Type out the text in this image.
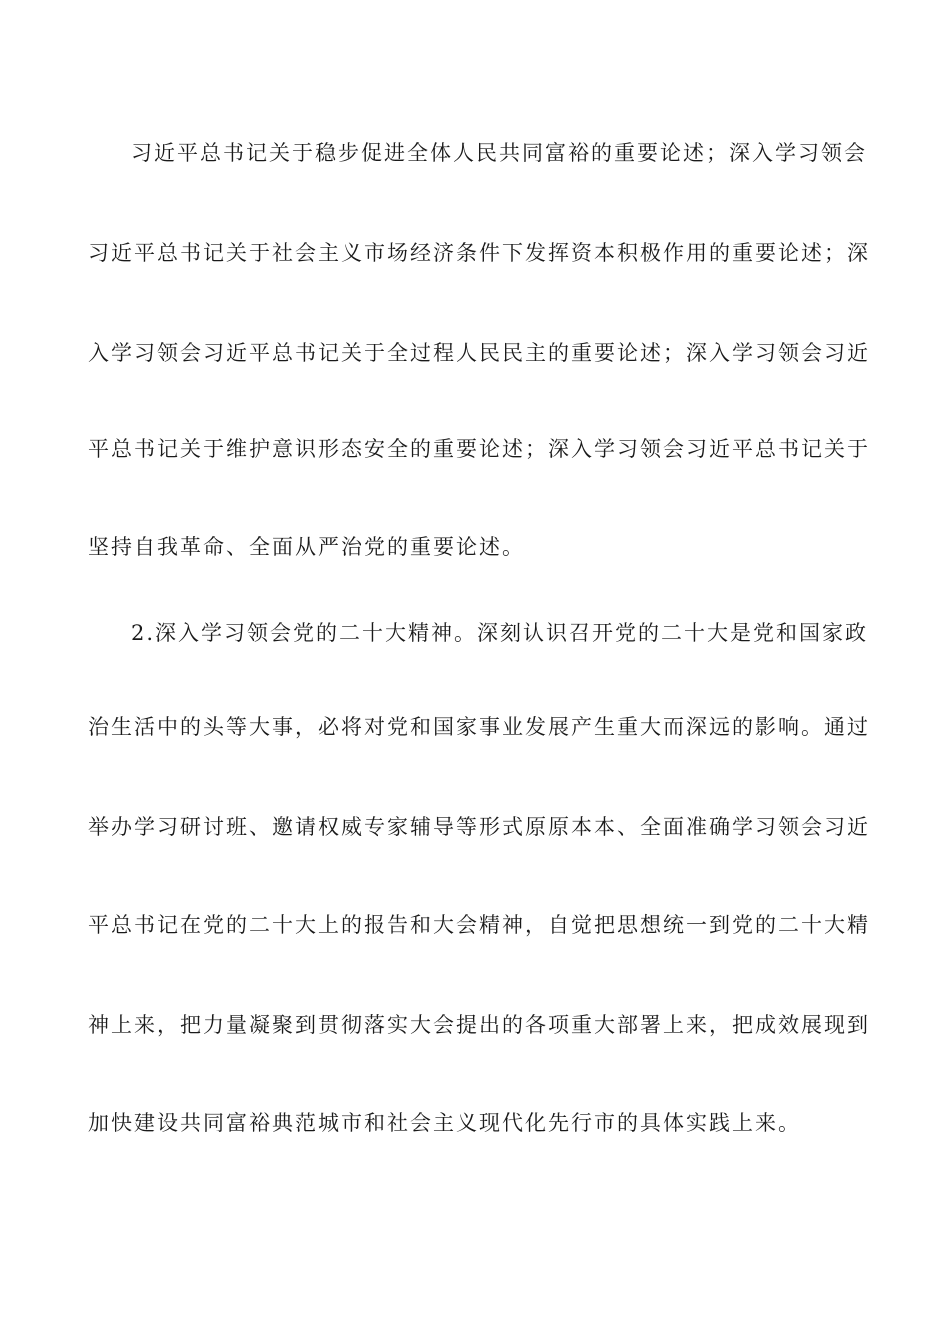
习近平总书记关于稳步促进全体人民共同富裕的重要论述；深入学习领会
习近平总书记关于社会主义市场经济条件下发挥资本积极作用的重要论述；深
入学习领会习近平总书记关于全过程人民民主的重要论述；深入学习领会习近
平总书记关于维护意识形态安全的重要论述；深入学习领会习近平总书记关于
坚持自我革命、全面从严治党的重要论述。
2.深入学习领会党的二十大精神。深刻认识召开党的二十大是党和国家政
治生活中的头等大事，必将对党和国家事业发展产生重大而深远的影响。通过
举办学习研讨班、邀请权威专家辅导等形式原原本本、全面准确学习领会习近
平总书记在党的二十大上的报告和大会精神，自觉把思想统一到党的二十大精
神上来，把力量凝聚到贯彻落实大会提出的各项重大部署上来，把成效展现到
加快建设共同富裕典范城市和社会主义现代化先行市的具体实践上来。
